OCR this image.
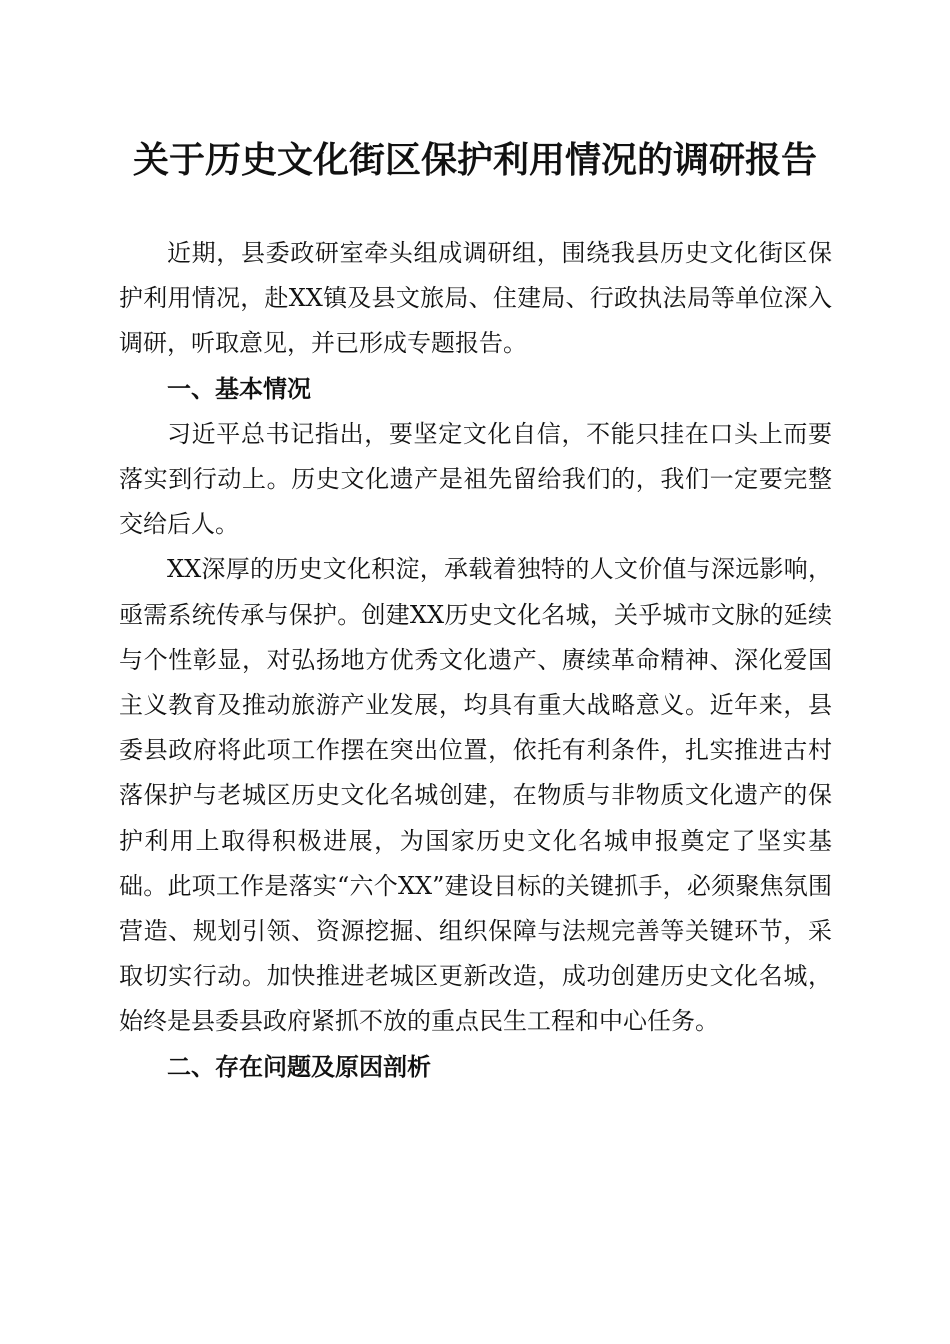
关于历史文化街区保护利用情况的调研报告

近期，县委政研室牵头组成调研组，围绕我县历史文化街区保护利用情况，赴XX镇及县文旅局、住建局、行政执法局等单位深入调研，听取意见，并已形成专题报告。

一、基本情况

习近平总书记指出，要坚定文化自信，不能只挂在口头上而要落实到行动上。历史文化遗产是祖先留给我们的，我们一定要完整交给后人。

XX深厚的历史文化积淀，承载着独特的人文价值与深远影响，亟需系统传承与保护。创建XX历史文化名城，关乎城市文脉的延续与个性彰显，对弘扬地方优秀文化遗产、赓续革命精神、深化爱国主义教育及推动旅游产业发展，均具有重大战略意义。近年来，县委县政府将此项工作摆在突出位置，依托有利条件，扎实推进古村落保护与老城区历史文化名城创建，在物质与非物质文化遗产的保护利用上取得积极进展，为国家历史文化名城申报奠定了坚实基础。此项工作是落实“六个XX”建设目标的关键抓手，必须聚焦氛围营造、规划引领、资源挖掘、组织保障与法规完善等关键环节，采取切实行动。加快推进老城区更新改造，成功创建历史文化名城，始终是县委县政府紧抓不放的重点民生工程和中心任务。

二、存在问题及原因剖析
